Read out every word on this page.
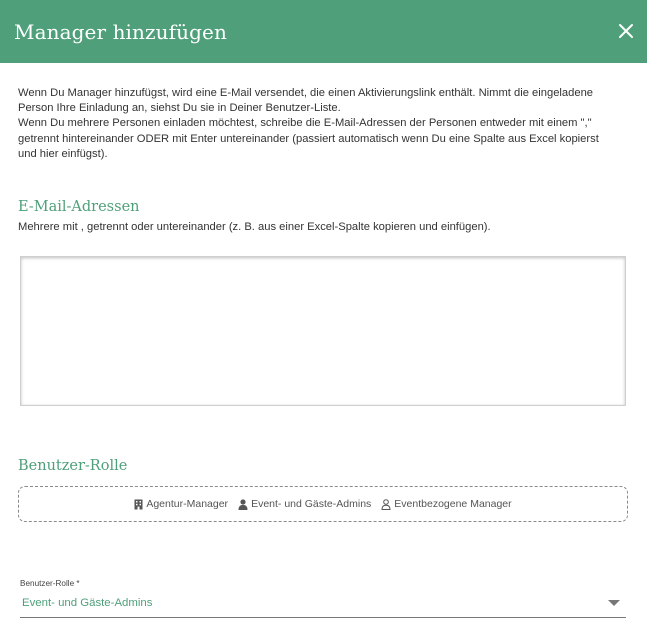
Manager hinzufügen

Wenn Du Manager hinzufügst, wird eine E-Mail versendet, die einen Aktivierungslink enthält. Nimmt die eingeladene Person Ihre Einladung an, siehst Du sie in Deiner Benutzer-Liste.

Wenn Du mehrere Personen einladen möchtest, schreibe die E-Mail-Adressen der Personen entweder mit einem "," getrennt hintereinander ODER mit Enter untereinander (passiert automatisch wenn Du eine Spalte aus Excel kopierst und hier einfügst).

E-Mail-Adressen
Mehrere mit , getrennt oder untereinander (z. B. aus einer Excel-Spalte kopieren und einfügen).
Benutzer-Rolle
Agentur-Manager Event- und Gäste-Admins Eventbezogene Manager
Benutzer-Rolle *
Event- und Gäste-Admins
